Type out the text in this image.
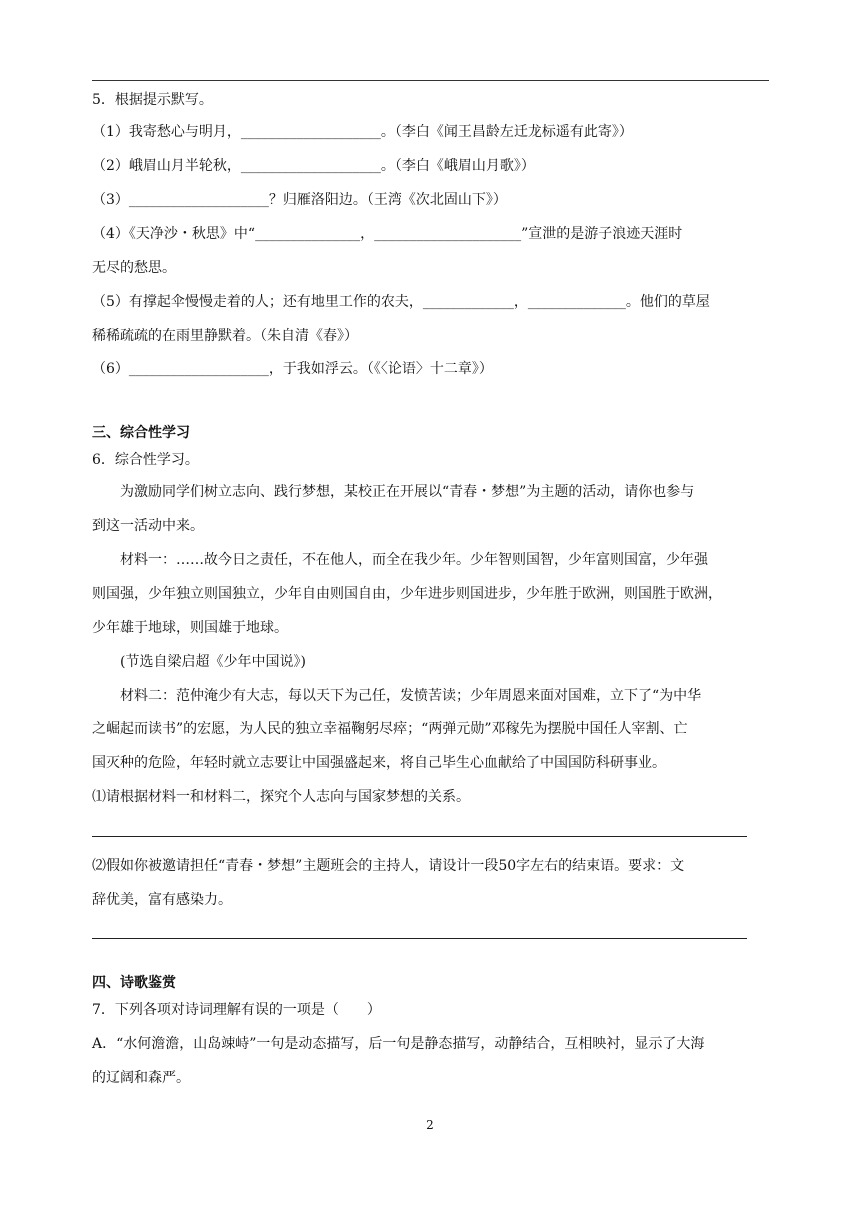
5．根据提示默写。
（1）我寄愁心与明月，____________________。（李白《闻王昌龄左迁龙标遥有此寄》）
（2）峨眉山月半轮秋，____________________。（李白《峨眉山月歌》）
（3）____________________？归雁洛阳边。（王湾《次北固山下》）
（4）《天净沙・秋思》中“_______________，_____________________”宣泄的是游子浪迹天涯时
无尽的愁思。
（5）有撑起伞慢慢走着的人；还有地里工作的农夫，_____________，______________。他们的草屋
稀稀疏疏的在雨里静默着。（朱自清《春》）
（6）____________________，于我如浮云。（《〈论语〉十二章》）
三、综合性学习
6．综合性学习。
为激励同学们树立志向、践行梦想，某校正在开展以“青春・梦想”为主题的活动，请你也参与
到这一活动中来。
材料一：……故今日之责任，不在他人，而全在我少年。少年智则国智，少年富则国富，少年强
则国强，少年独立则国独立，少年自由则国自由，少年进步则国进步，少年胜于欧洲，则国胜于欧洲，
少年雄于地球，则国雄于地球。
(节选自梁启超《少年中国说》)
材料二：范仲淹少有大志，每以天下为己任，发愤苦读；少年周恩来面对国难，立下了“为中华
之崛起而读书”的宏愿，为人民的独立幸福鞠躬尽瘁；“两弹元勋”邓稼先为摆脱中国任人宰割、亡
国灭种的危险，年轻时就立志要让中国强盛起来，将自己毕生心血献给了中国国防科研事业。
⑴请根据材料一和材料二，探究个人志向与国家梦想的关系。
⑵假如你被邀请担任“青春・梦想”主题班会的主持人，请设计一段50字左右的结束语。要求：文
辞优美，富有感染力。
四、诗歌鉴赏
7．下列各项对诗词理解有误的一项是（　　）
A．“水何澹澹，山岛竦峙”一句是动态描写，后一句是静态描写，动静结合，互相映衬，显示了大海
的辽阔和森严。
2
